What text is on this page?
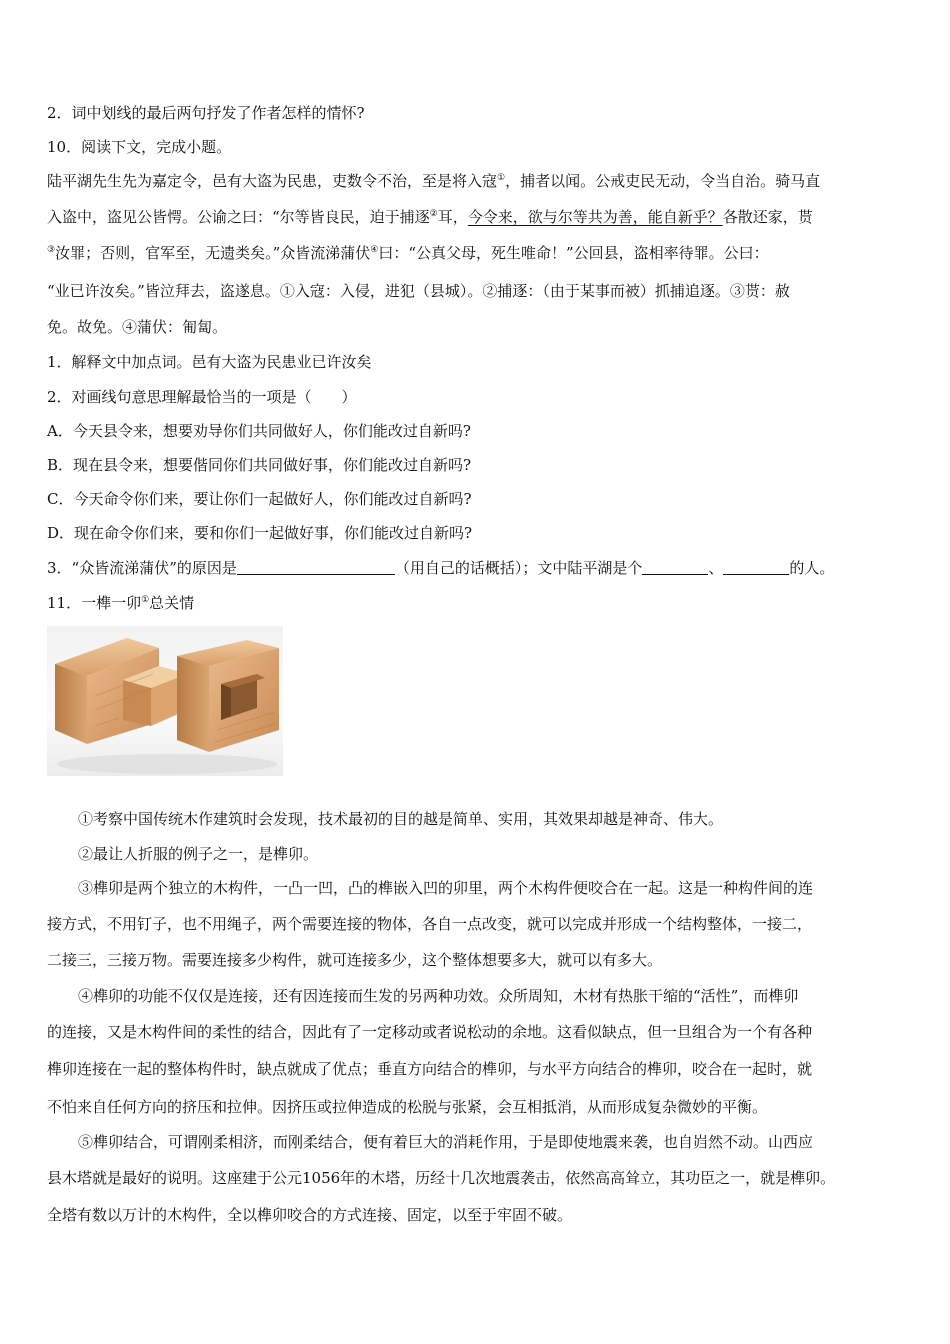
2．词中划线的最后两句抒发了作者怎样的情怀?
10．阅读下文，完成小题。
陆平湖先生先为嘉定令，邑有大盗为民患，吏数令不治，至是将入寇①，捕者以闻。公戒吏民无动，令当自治。骑马直
入盗中，盗见公皆愕。公谕之曰：“尔等皆良民，迫于捕逐②耳，今令来，欲与尔等共为善，能自新乎？各散还家，贳
③汝罪；否则，官军至，无遗类矣。”众皆流涕蒲伏④曰：“公真父母，死生唯命！”公回县，盗相率待罪。公曰：
“业已许汝矣。”皆泣拜去，盗遂息。①入寇：入侵，进犯（县城）。②捕逐：（由于某事而被）抓捕追逐。③贳：赦
免。故免。④蒲伏：匍匐。
1．解释文中加点词。邑有大盗为民患业已许汝矣
2．对画线句意思理解最恰当的一项是（　　）
A．今天县令来，想要劝导你们共同做好人，你们能改过自新吗?
B．现在县令来，想要偕同你们共同做好事，你们能改过自新吗?
C．今天命令你们来，要让你们一起做好人，你们能改过自新吗?
D．现在命令你们来，要和你们一起做好事，你们能改过自新吗?
3．“众皆流涕蒲伏”的原因是	（用自己的话概括）；文中陆平湖是个	、	的人。
11．一榫一卯①总关情
①考察中国传统木作建筑时会发现，技术最初的目的越是简单、实用，其效果却越是神奇、伟大。
②最让人折服的例子之一，是榫卯。
③榫卯是两个独立的木构件，一凸一凹，凸的榫嵌入凹的卯里，两个木构件便咬合在一起。这是一种构件间的连
接方式，不用钉子，也不用绳子，两个需要连接的物体，各自一点改变，就可以完成并形成一个结构整体，一接二，
二接三，三接万物。需要连接多少构件，就可连接多少，这个整体想要多大，就可以有多大。
④榫卯的功能不仅仅是连接，还有因连接而生发的另两种功效。众所周知，木材有热胀干缩的“活性”，而榫卯
的连接，又是木构件间的柔性的结合，因此有了一定移动或者说松动的余地。这看似缺点，但一旦组合为一个有各种
榫卯连接在一起的整体构件时，缺点就成了优点；垂直方向结合的榫卯，与水平方向结合的榫卯，咬合在一起时，就
不怕来自任何方向的挤压和拉伸。因挤压或拉伸造成的松脱与张紧，会互相抵消，从而形成复杂微妙的平衡。
⑤榫卯结合，可谓刚柔相济，而刚柔结合，便有着巨大的消耗作用，于是即使地震来袭，也自岿然不动。山西应
县木塔就是最好的说明。这座建于公元1056年的木塔，历经十几次地震袭击，依然高高耸立，其功臣之一，就是榫卯。
全塔有数以万计的木构件，全以榫卯咬合的方式连接、固定，以至于牢固不破。
